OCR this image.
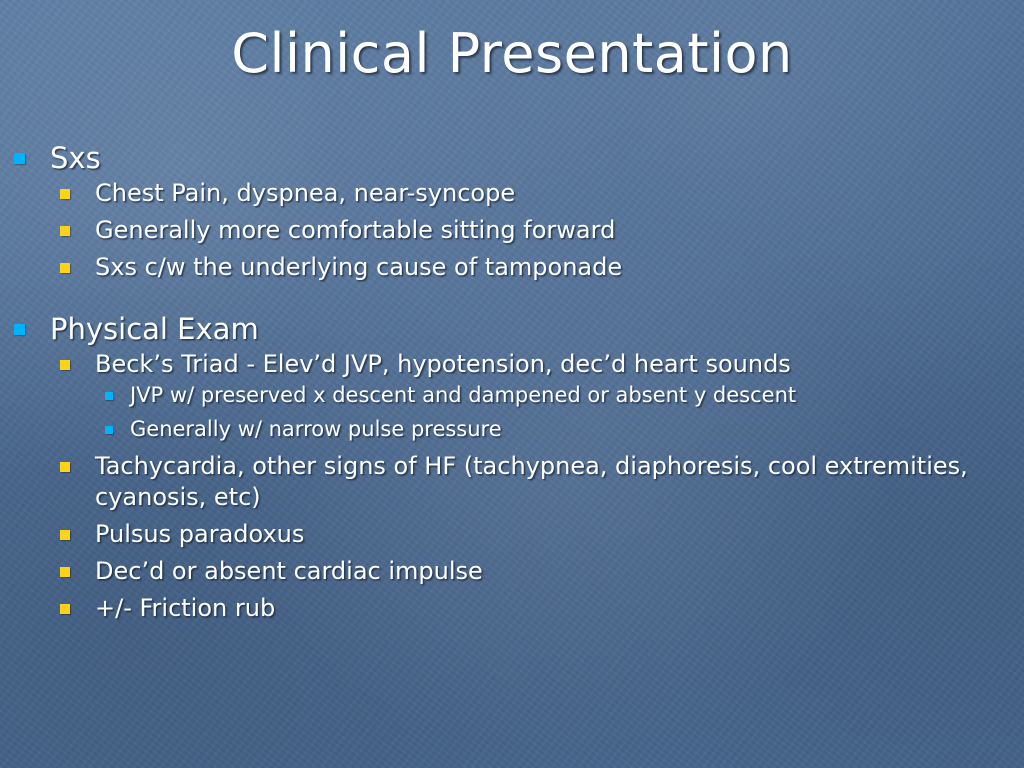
Clinical Presentation
Sxs
Chest Pain, dyspnea, near-syncope
Generally more comfortable sitting forward
Sxs c/w the underlying cause of tamponade
Physical Exam
Beck’s Triad - Elev’d JVP, hypotension, dec’d heart sounds
JVP w/ preserved x descent and dampened or absent y descent
Generally w/ narrow pulse pressure
Tachycardia, other signs of HF (tachypnea, diaphoresis, cool extremities, cyanosis, etc)
Pulsus paradoxus
Dec’d or absent cardiac impulse
+/- Friction rub
